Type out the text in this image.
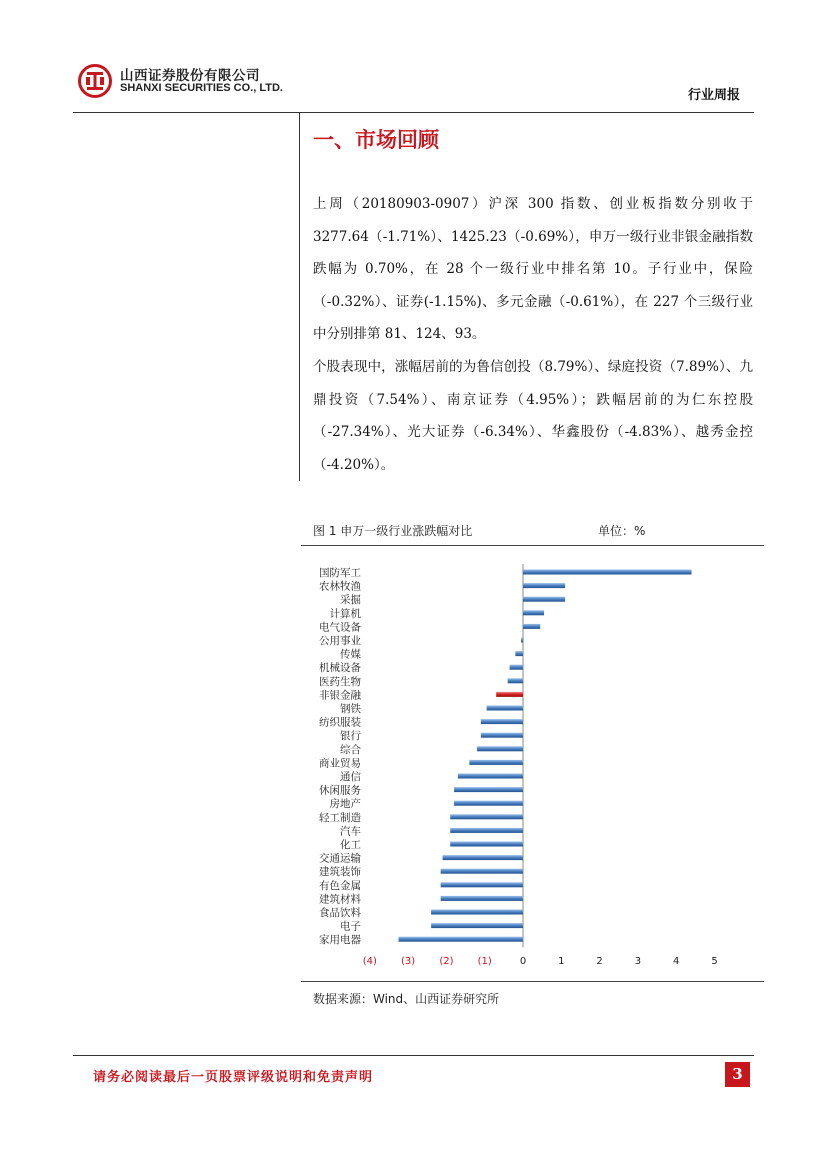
山西证券股份有限公司
SHANXI SECURITIES CO., LTD.	行业周报
一、市场回顾
上周（20180903-0907）沪深 300 指数、创业板指数分别收于 3277.64（-1.71%）、1425.23（-0.69%），申万一级行业非银金融指数跌幅为 0.70%，在 28 个一级行业中排名第 10。子行业中，保险（-0.32%）、证券(-1.15%)、多元金融（-0.61%），在 227 个三级行业中分别排第 81、124、93。
个股表现中，涨幅居前的为鲁信创投（8.79%）、绿庭投资（7.89%）、九鼎投资（7.54%）、南京证券（4.95%）；跌幅居前的为仁东控股（-27.34%）、光大证券（-6.34%）、华鑫股份（-4.83%）、越秀金控（-4.20%）。
图 1 申万一级行业涨跌幅对比	单位：%
国防军工
农林牧渔
采掘
计算机
电气设备
公用事业
传媒
机械设备
医药生物
非银金融
钢铁
纺织服装
银行
综合
商业贸易
通信
休闲服务
房地产
轻工制造
汽车
化工
交通运输
建筑装饰
有色金属
建筑材料
食品饮料
电子
家用电器
(4) (3) (2) (1)	0	1	2	3	4	5
数据来源：Wind、山西证券研究所
请务必阅读最后一页股票评级说明和免责声明	3
